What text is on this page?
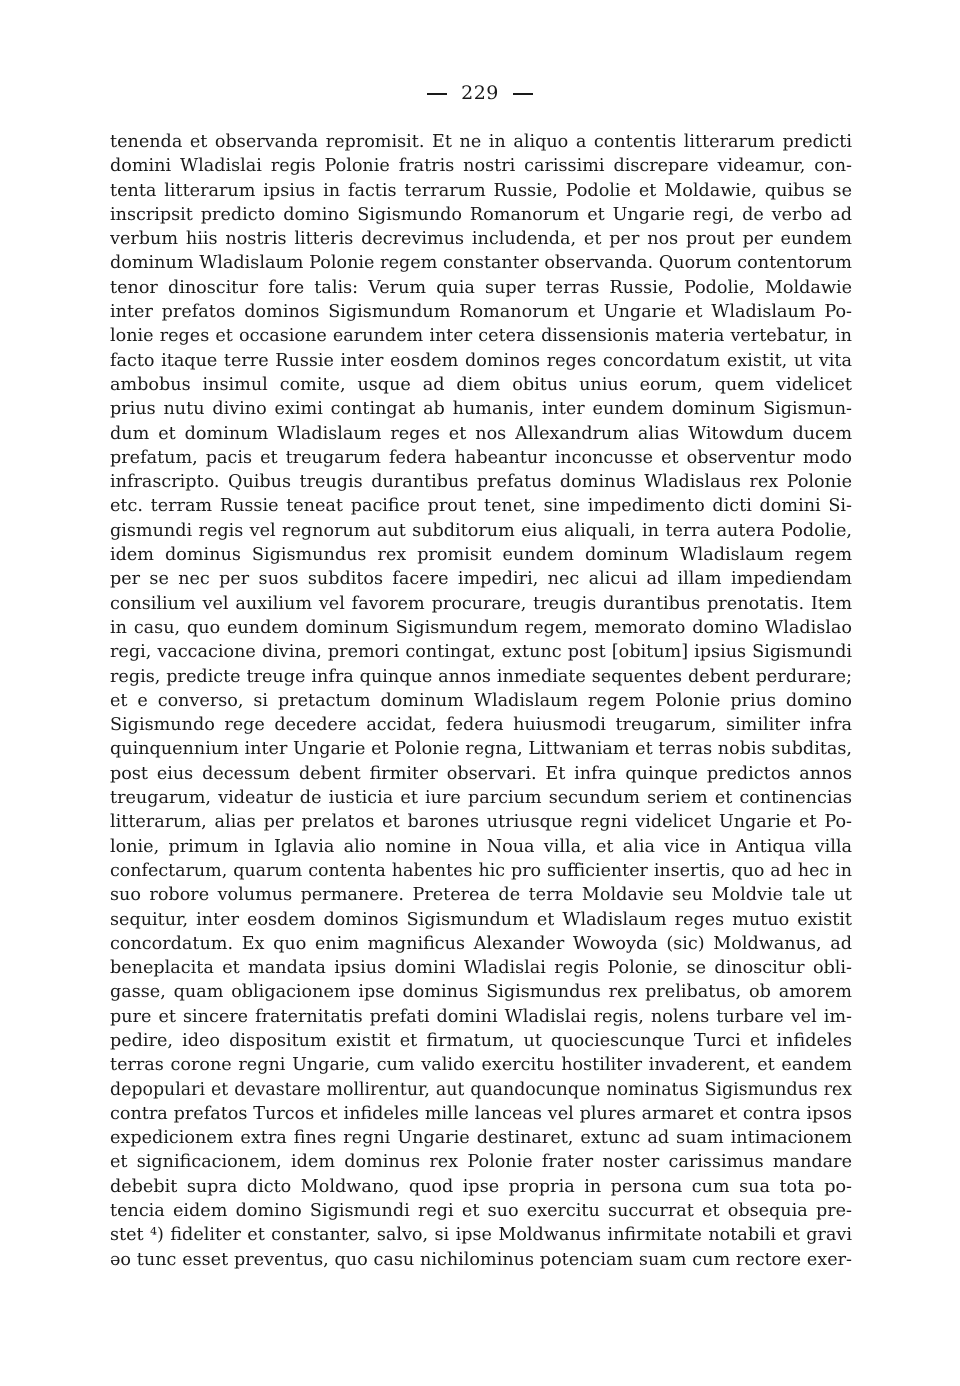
229
tenenda et observanda repromisit. Et ne in aliquo a contentis litterarum predicti
domini Wladislai regis Polonie fratris nostri carissimi discrepare videamur, con-
tenta litterarum ipsius in factis terrarum Russie, Podolie et Moldawie, quibus se
inscripsit predicto domino Sigismundo Romanorum et Ungarie regi, de verbo ad
verbum hiis nostris litteris decrevimus includenda, et per nos prout per eundem
dominum Wladislaum Polonie regem constanter observanda. Quorum contentorum
tenor dinoscitur fore talis: Verum quia super terras Russie, Podolie, Moldawie
inter prefatos dominos Sigismundum Romanorum et Ungarie et Wladislaum Po-
lonie reges et occasione earundem inter cetera dissensionis materia vertebatur, in
facto itaque terre Russie inter eosdem dominos reges concordatum existit, ut vita
ambobus insimul comite, usque ad diem obitus unius eorum, quem videlicet
prius nutu divino eximi contingat ab humanis, inter eundem dominum Sigismun-
dum et dominum Wladislaum reges et nos Allexandrum alias Witowdum ducem
prefatum, pacis et treugarum federa habeantur inconcusse et observentur modo
infrascripto. Quibus treugis durantibus prefatus dominus Wladislaus rex Polonie
etc. terram Russie teneat pacifice prout tenet, sine impedimento dicti domini Si-
gismundi regis vel regnorum aut subditorum eius aliquali, in terra autera Podolie,
idem dominus Sigismundus rex promisit eundem dominum Wladislaum regem
per se nec per suos subditos facere impediri, nec alicui ad illam impediendam
consilium vel auxilium vel favorem procurare, treugis durantibus prenotatis. Item
in casu, quo eundem dominum Sigismundum regem, memorato domino Wladislao
regi, vaccacione divina, premori contingat, extunc post [obitum] ipsius Sigismundi
regis, predicte treuge infra quinque annos inmediate sequentes debent perdurare;
et e converso, si pretactum dominum Wladislaum regem Polonie prius domino
Sigismundo rege decedere accidat, federa huiusmodi treugarum, similiter infra
quinquennium inter Ungarie et Polonie regna, Littwaniam et terras nobis subditas,
post eius decessum debent firmiter observari. Et infra quinque predictos annos
treugarum, videatur de iusticia et iure parcium secundum seriem et continencias
litterarum, alias per prelatos et barones utriusque regni videlicet Ungarie et Po-
lonie, primum in Iglavia alio nomine in Noua villa, et alia vice in Antiqua villa
confectarum, quarum contenta habentes hic pro sufficienter insertis, quo ad hec in
suo robore volumus permanere. Preterea de terra Moldavie seu Moldvie tale ut
sequitur, inter eosdem dominos Sigismundum et Wladislaum reges mutuo existit
concordatum. Ex quo enim magnificus Alexander Wowoyda (sic) Moldwanus, ad
beneplacita et mandata ipsius domini Wladislai regis Polonie, se dinoscitur obli-
gasse, quam obligacionem ipse dominus Sigismundus rex prelibatus, ob amorem
pure et sincere fraternitatis prefati domini Wladislai regis, nolens turbare vel im-
pedire, ideo dispositum existit et firmatum, ut quociescunque Turci et infideles
terras corone regni Ungarie, cum valido exercitu hostiliter invaderent, et eandem
depopulari et devastare mollirentur, aut quandocunque nominatus Sigismundus rex
contra prefatos Turcos et infideles mille lanceas vel plures armaret et contra ipsos
expedicionem extra fines regni Ungarie destinaret, extunc ad suam intimacionem
et significacionem, idem dominus rex Polonie frater noster carissimus mandare
debebit supra dicto Moldwano, quod ipse propria in persona cum sua tota po-
tencia eidem domino Sigismundi regi et suo exercitu succurrat et obsequia pre-
stet ⁴) fideliter et constanter, salvo, si ipse Moldwanus infirmitate notabili et gravi
əo tunc esset preventus, quo casu nichilominus potenciam suam cum rectore exer-
